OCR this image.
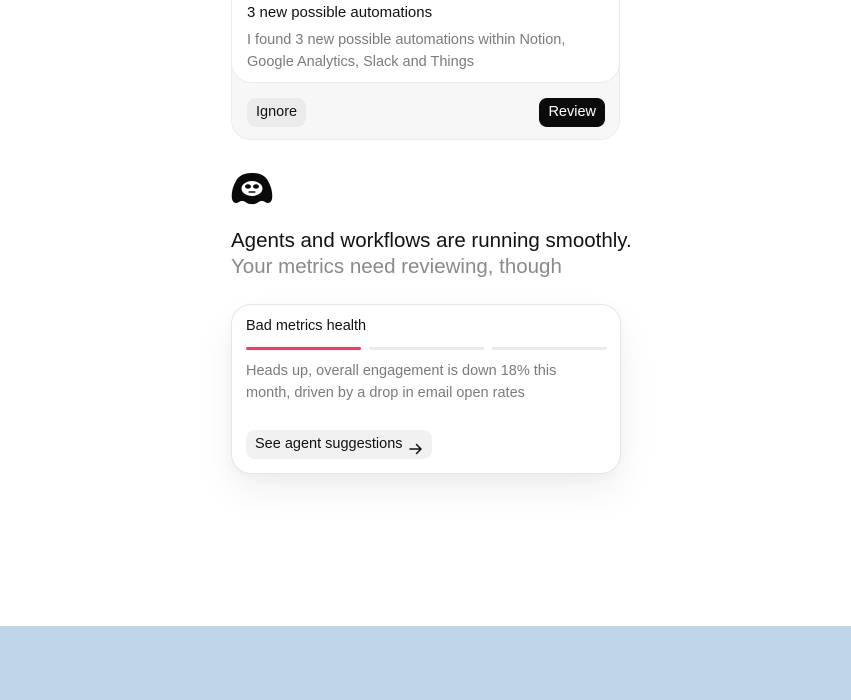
3 new possible automations
I found 3 new possible automations within Notion, Google Analytics, Slack and Things
Ignore	Review
Agents and workflows are running smoothly.
Your metrics need reviewing, though
Bad metrics health
Heads up, overall engagement is down 18% this month, driven by a drop in email open rates
See agent suggestions
